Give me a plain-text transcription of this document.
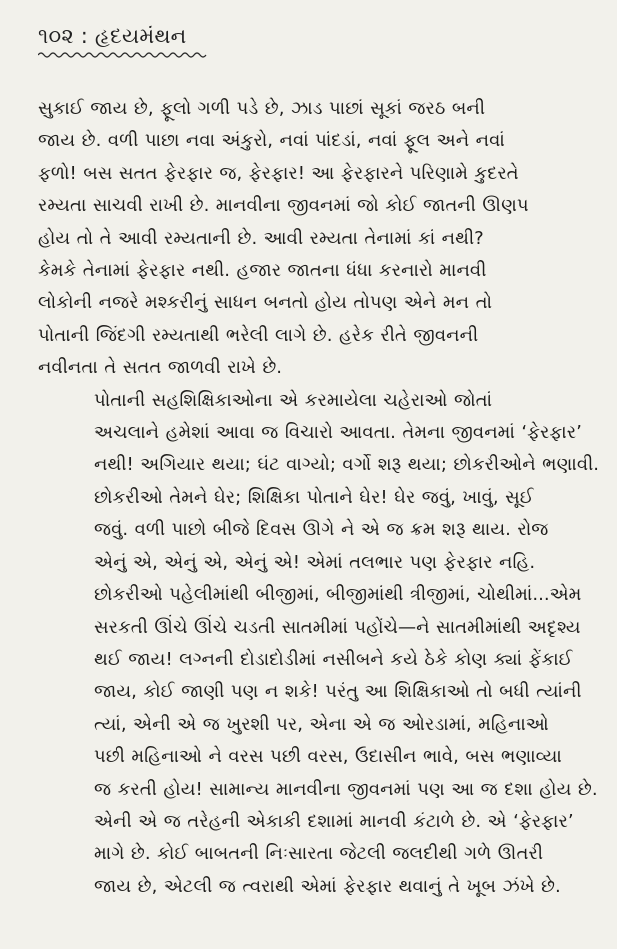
૧૦૨ : હૃદયમંથન

સુકાઈ જાય છે, ફૂલો ગળી પડે છે, ઝાડ પાછાં સૂકાં જરઠ બની
જાય છે. વળી પાછા નવા અંકુરો, નવાં પાંદડાં, નવાં ફૂલ અને નવાં
ફળો! બસ સતત ફેરફાર જ, ફેરફાર! આ ફેરફારને પરિણામે કુદરતે
રમ્યતા સાચવી રાખી છે. માનવીના જીવનમાં જો કોઈ જાતની ઊણપ
હોય તો તે આવી રમ્યતાની છે. આવી રમ્યતા તેનામાં કાં નથી?
કેમકે તેનામાં ફેરફાર નથી. હજાર જાતના ધંધા કરનારો માનવી
લોકોની નજરે મશ્કરીનું સાધન બનતો હોય તોપણ એને મન તો
પોતાની જિંદગી રમ્યતાથી ભરેલી લાગે છે. હરેક રીતે જીવનની
નવીનતા તે સતત જાળવી રાખે છે.

પોતાની સહશિક્ષિકાઓના એ કરમાયેલા ચહેરાઓ જોતાં
અચલાને હમેશાં આવા જ વિચારો આવતા. તેમના જીવનમાં ‘ફેરફાર’
નથી! અગિયાર થયા; ઘંટ વાગ્યો; વર્ગો શરૂ થયા; છોકરીઓને ભણાવી.
છોકરીઓ તેમને ઘેર; શિક્ષિકા પોતાને ઘેર! ઘેર જવું, ખાવું, સૂઈ
જવું. વળી પાછો બીજે દિવસ ઊગે ને એ જ ક્રમ શરૂ થાય. રોજ
એનું એ, એનું એ, એનું એ! એમાં તલભાર પણ ફેરફાર નહિ.
છોકરીઓ પહેલીમાંથી બીજીમાં, બીજીમાંથી ત્રીજીમાં, ચોથીમાં...એમ
સરકતી ઊંચે ઊંચે ચડતી સાતમીમાં પહોંચે—ને સાતમીમાંથી અદૃશ્ય
થઈ જાય! લગ્નની દોડાદોડીમાં નસીબને કયે ઠેકે કોણ ક્યાં ફેંકાઈ
જાય, કોઈ જાણી પણ ન શકે! પરંતુ આ શિક્ષિકાઓ તો બધી ત્યાંની
ત્યાં, એની એ જ ખુરશી પર, એના એ જ ઓરડામાં, મહિનાઓ
પછી મહિનાઓ ને વરસ પછી વરસ, ઉદાસીન ભાવે, બસ ભણાવ્યા
જ કરતી હોય! સામાન્ય માનવીના જીવનમાં પણ આ જ દશા હોય છે.
એની એ જ તરેહની એકાકી દશામાં માનવી કંટાળે છે. એ ‘ફેરફાર’
માગે છે. કોઈ બાબતની નિઃસારતા જેટલી જલદીથી ગળે ઊતરી
જાય છે, એટલી જ ત્વરાથી એમાં ફેરફાર થવાનું તે ખૂબ ઝંખે છે.
